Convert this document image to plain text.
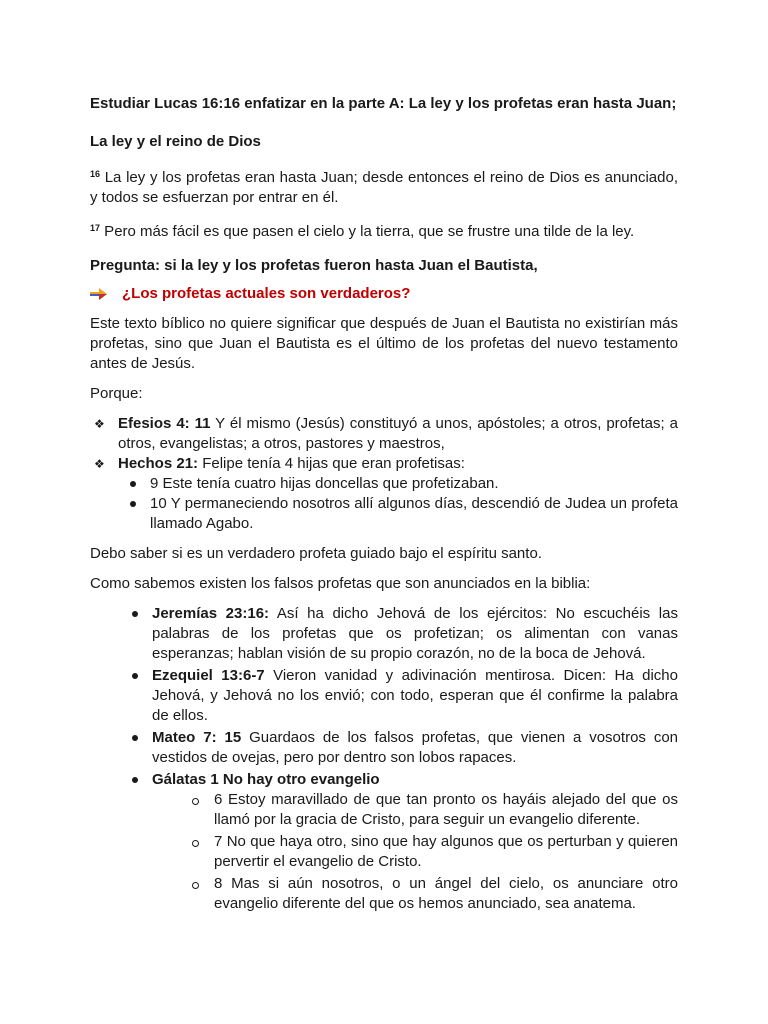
Estudiar Lucas 16:16 enfatizar en la parte A: La ley y los profetas eran hasta Juan;

La ley y el reino de Dios

$^{16}$ La ley y los profetas eran hasta Juan; desde entonces el reino de Dios es anunciado, y todos se esfuerzan por entrar en él.

$^{17}$ Pero más fácil es que pasen el cielo y la tierra, que se frustre una tilde de la ley.

Pregunta: si la ley y los profetas fueron hasta Juan el Bautista,

¿Los profetas actuales son verdaderos?

Este texto bíblico no quiere significar que después de Juan el Bautista no existirían más profetas, sino que Juan el Bautista es el último de los profetas del nuevo testamento antes de Jesús.

Porque:

❖ Efesios 4: 11 Y él mismo (Jesús) constituyó a unos, apóstoles; a otros, profetas; a otros, evangelistas; a otros, pastores y maestros,
❖ Hechos 21: Felipe tenía 4 hijas que eran profetisas:
9 Este tenía cuatro hijas doncellas que profetizaban.
10 Y permaneciendo nosotros allí algunos días, descendió de Judea un profeta llamado Agabo.

Debo saber si es un verdadero profeta guiado bajo el espíritu santo.

Como sabemos existen los falsos profetas que son anunciados en la biblia:

Jeremías 23:16: Así ha dicho Jehová de los ejércitos: No escuchéis las palabras de los profetas que os profetizan; os alimentan con vanas esperanzas; hablan visión de su propio corazón, no de la boca de Jehová.
Ezequiel 13:6-7 Vieron vanidad y adivinación mentirosa. Dicen: Ha dicho Jehová, y Jehová no los envió; con todo, esperan que él confirme la palabra de ellos.
Mateo 7: 15 Guardaos de los falsos profetas, que vienen a vosotros con vestidos de ovejas, pero por dentro son lobos rapaces.
Gálatas 1 No hay otro evangelio
6 Estoy maravillado de que tan pronto os hayáis alejado del que os llamó por la gracia de Cristo, para seguir un evangelio diferente.
7 No que haya otro, sino que hay algunos que os perturban y quieren pervertir el evangelio de Cristo.
8 Mas si aún nosotros, o un ángel del cielo, os anunciare otro evangelio diferente del que os hemos anunciado, sea anatema.
